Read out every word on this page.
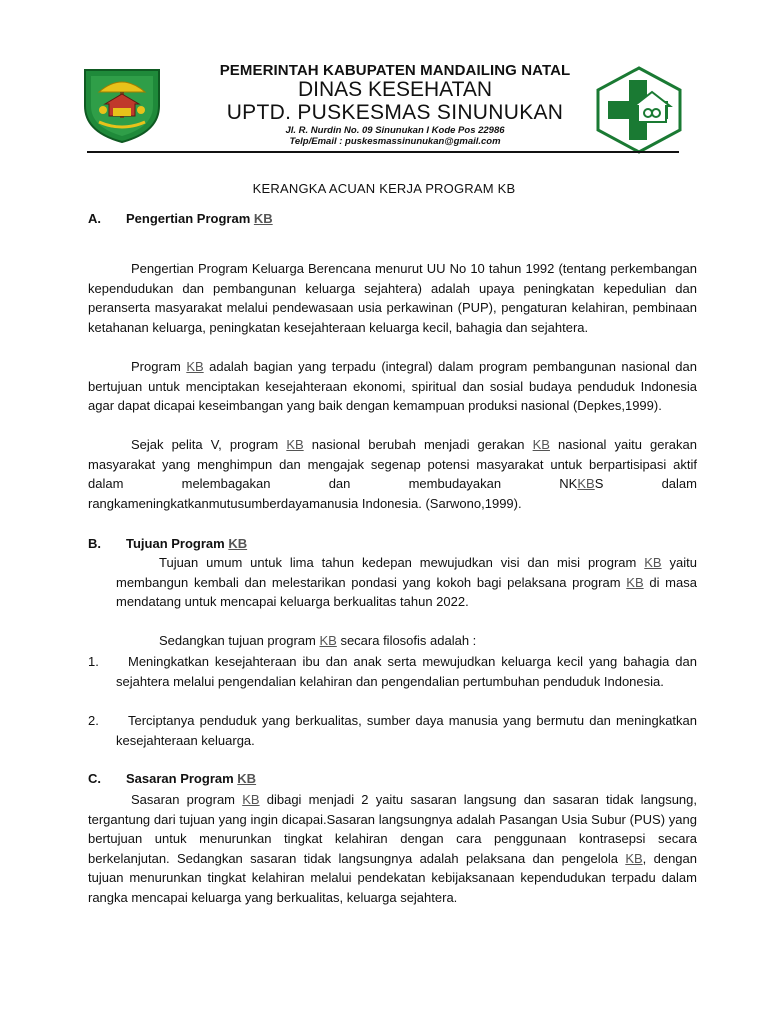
PEMERINTAH KABUPATEN MANDAILING NATAL
DINAS KESEHATAN
UPTD. PUSKESMAS SINUNUKAN
Jl. R. Nurdin No. 09 Sinunukan I Kode Pos 22986
Telp/Email : puskesmassinunukan@gmail.com
KERANGKA ACUAN KERJA PROGRAM KB
A. Pengertian Program KB

Pengertian Program Keluarga Berencana menurut UU No 10 tahun 1992 (tentang perkembangan kependudukan dan pembangunan keluarga sejahtera) adalah upaya peningkatan kepedulian dan peranserta masyarakat melalui pendewasaan usia perkawinan (PUP), pengaturan kelahiran, pembinaan ketahanan keluarga, peningkatan kesejahteraan keluarga kecil, bahagia dan sejahtera.

Program KB adalah bagian yang terpadu (integral) dalam program pembangunan nasional dan bertujuan untuk menciptakan kesejahteraan ekonomi, spiritual dan sosial budaya penduduk Indonesia agar dapat dicapai keseimbangan yang baik dengan kemampuan produksi nasional (Depkes,1999).

Sejak pelita V, program KB nasional berubah menjadi gerakan KB nasional yaitu gerakan masyarakat yang menghimpun dan mengajak segenap potensi masyarakat untuk berpartisipasi aktif dalam melembagakan dan membudayakan NKKBS dalam rangkameningkatkanmutusumberdayamanusia Indonesia. (Sarwono,1999).

B. Tujuan Program KB

Tujuan umum untuk lima tahun kedepan mewujudkan visi dan misi program KB yaitu membangun kembali dan melestarikan pondasi yang kokoh bagi pelaksana program KB di masa mendatang untuk mencapai keluarga berkualitas tahun 2022.

Sedangkan tujuan program KB secara filosofis adalah :

1.	Meningkatkan kesejahteraan ibu dan anak serta mewujudkan keluarga kecil yang bahagia dan sejahtera melalui pengendalian kelahiran dan pengendalian pertumbuhan penduduk Indonesia.
2.	Terciptanya penduduk yang berkualitas, sumber daya manusia yang bermutu dan meningkatkan kesejahteraan keluarga.
C. Sasaran Program KB

Sasaran program KB dibagi menjadi 2 yaitu sasaran langsung dan sasaran tidak langsung, tergantung dari tujuan yang ingin dicapai.Sasaran langsungnya adalah Pasangan Usia Subur (PUS) yang bertujuan untuk menurunkan tingkat kelahiran dengan cara penggunaan kontrasepsi secara berkelanjutan. Sedangkan sasaran tidak langsungnya adalah pelaksana dan pengelola KB, dengan tujuan menurunkan tingkat kelahiran melalui pendekatan kebijaksanaan kependudukan terpadu dalam rangka mencapai keluarga yang berkualitas, keluarga sejahtera.
